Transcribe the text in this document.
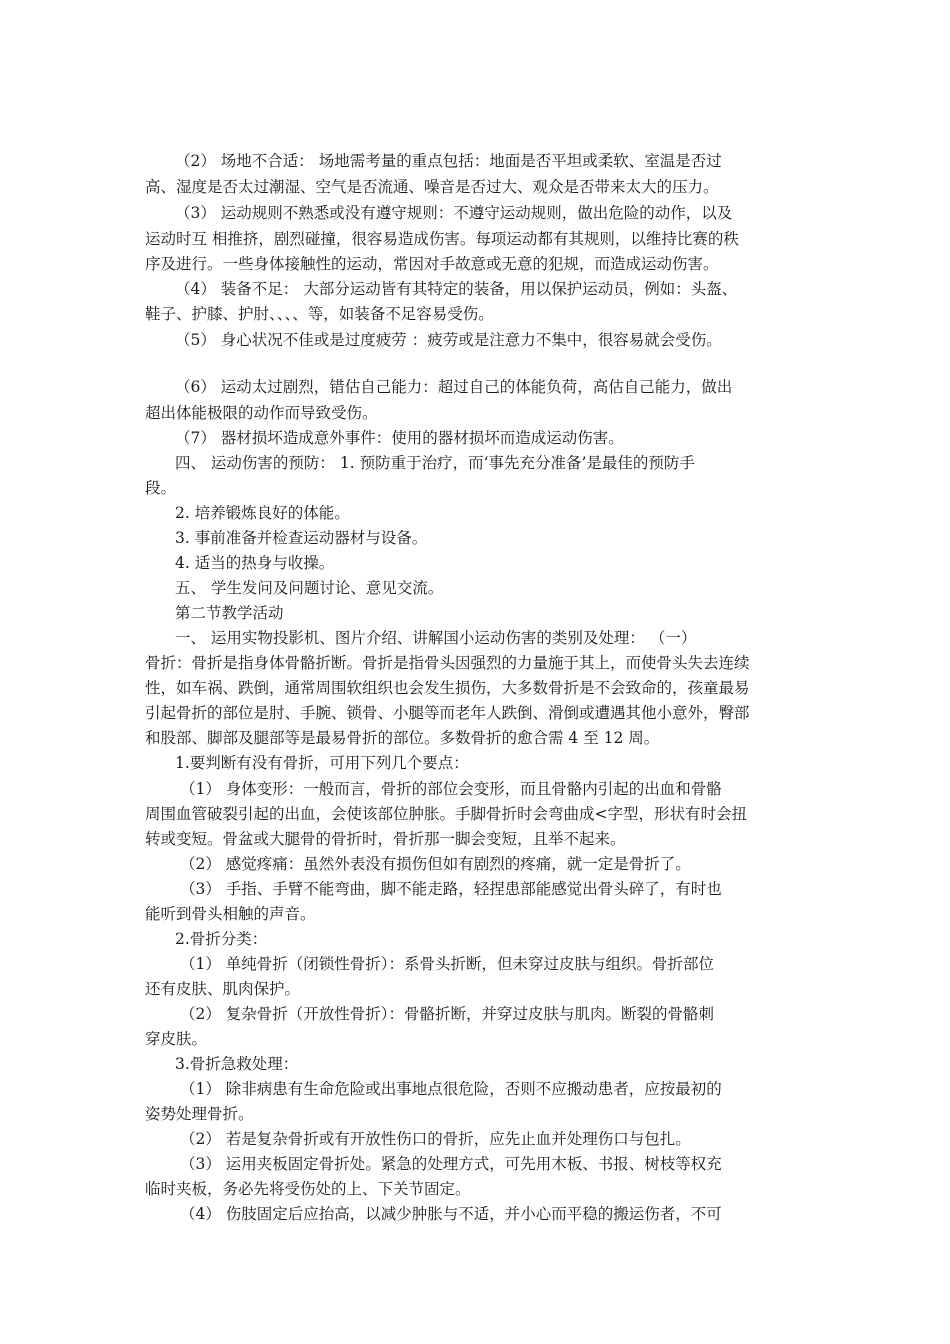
（2） 场地不合适： 场地需考量的重点包括：地面是否平坦或柔软、室温是否过
高、湿度是否太过潮湿、空气是否流通、噪音是否过大、观众是否带来太大的压力。
（3） 运动规则不熟悉或没有遵守规则：不遵守运动规则，做出危险的动作，以及
运动时互 相推挤，剧烈碰撞，很容易造成伤害。每项运动都有其规则，以维持比赛的秩
序及进行。一些身体接触性的运动，常因对手故意或无意的犯规，而造成运动伤害。
（4） 装备不足： 大部分运动皆有其特定的装备，用以保护运动员，例如：头盔、
鞋子、护膝、护肘、、、、等，如装备不足容易受伤。
（5） 身心状况不佳或是过度疲劳 ：疲劳或是注意力不集中，很容易就会受伤。
（6） 运动太过剧烈，错估自己能力：超过自己的体能负荷，高估自己能力，做出
超出体能极限的动作而导致受伤。
（7） 器材损坏造成意外事件：使用的器材损坏而造成运动伤害。
四、 运动伤害的预防： 1. 预防重于治疗，而‘事先充分准备’是最佳的预防手
段。
2. 培养锻炼良好的体能。
3. 事前准备并检查运动器材与设备。
4. 适当的热身与收操。
五、 学生发问及问题讨论、意见交流。
第二节教学活动
一、 运用实物投影机、图片介绍、讲解国小运动伤害的类别及处理： （一）
骨折：骨折是指身体骨骼折断。骨折是指骨头因强烈的力量施于其上，而使骨头失去连续
性，如车祸、跌倒，通常周围软组织也会发生损伤，大多数骨折是不会致命的，孩童最易
引起骨折的部位是肘、手腕、锁骨、小腿等而老年人跌倒、滑倒或遭遇其他小意外，臀部
和股部、脚部及腿部等是最易骨折的部位。多数骨折的愈合需 4 至 12 周。
1.要判断有没有骨折，可用下列几个要点：
（1） 身体变形：一般而言，骨折的部位会变形，而且骨骼内引起的出血和骨骼
周围血管破裂引起的出血，会使该部位肿胀。手脚骨折时会弯曲成<字型，形状有时会扭
转或变短。骨盆或大腿骨的骨折时，骨折那一脚会变短，且举不起来。
（2） 感觉疼痛：虽然外表没有损伤但如有剧烈的疼痛，就一定是骨折了。
（3） 手指、手臂不能弯曲，脚不能走路，轻捏患部能感觉出骨头碎了，有时也
能听到骨头相触的声音。
2.骨折分类：
（1） 单纯骨折（闭锁性骨折）：系骨头折断，但未穿过皮肤与组织。骨折部位
还有皮肤、肌肉保护。
（2） 复杂骨折（开放性骨折）：骨骼折断，并穿过皮肤与肌肉。断裂的骨骼刺
穿皮肤。
3.骨折急救处理：
（1） 除非病患有生命危险或出事地点很危险，否则不应搬动患者，应按最初的
姿势处理骨折。
（2） 若是复杂骨折或有开放性伤口的骨折，应先止血并处理伤口与包扎。
（3） 运用夹板固定骨折处。紧急的处理方式，可先用木板、书报、树枝等权充
临时夹板，务必先将受伤处的上、下关节固定。
（4） 伤肢固定后应抬高，以减少肿胀与不适，并小心而平稳的搬运伤者，不可
